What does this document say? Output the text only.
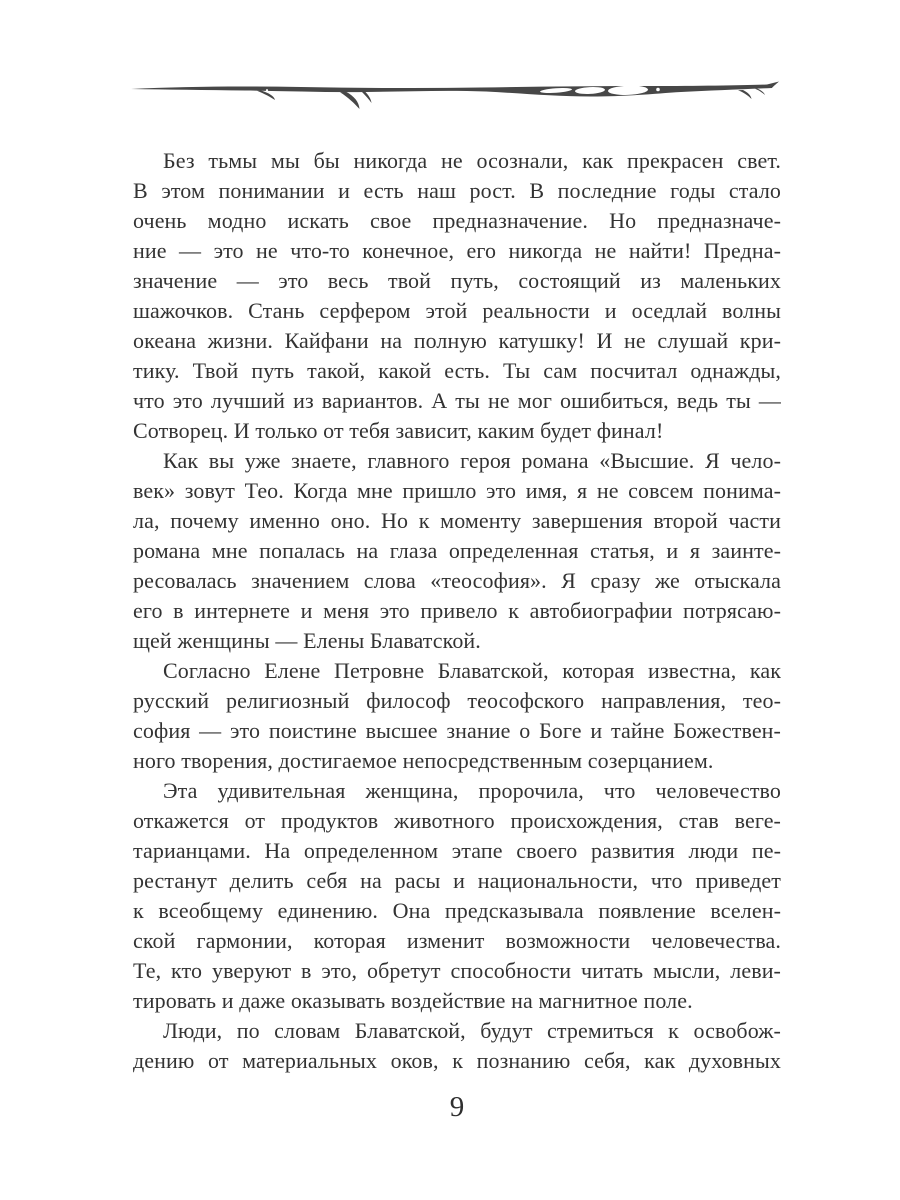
Без тьмы мы бы никогда не осознали, как прекрасен свет.
В этом понимании и есть наш рост. В последние годы стало
очень модно искать свое предназначение. Но предназначе-
ние — это не что-то конечное, его никогда не найти! Предна-
значение — это весь твой путь, состоящий из маленьких
шажочков. Стань серфером этой реальности и оседлай волны
океана жизни. Кайфани на полную катушку! И не слушай кри-
тику. Твой путь такой, какой есть. Ты сам посчитал однажды,
что это лучший из вариантов. А ты не мог ошибиться, ведь ты —
Сотворец. И только от тебя зависит, каким будет финал!
Как вы уже знаете, главного героя романа «Высшие. Я чело-
век» зовут Тео. Когда мне пришло это имя, я не совсем понима-
ла, почему именно оно. Но к моменту завершения второй части
романа мне попалась на глаза определенная статья, и я заинте-
ресовалась значением слова «теософия». Я сразу же отыскала
его в интернете и меня это привело к автобиографии потрясаю-
щей женщины — Елены Блаватской.
Согласно Елене Петровне Блаватской, которая известна, как
русский религиозный философ теософского направления, тео-
софия — это поистине высшее знание о Боге и тайне Божествен-
ного творения, достигаемое непосредственным созерцанием.
Эта удивительная женщина, пророчила, что человечество
откажется от продуктов животного происхождения, став веге-
тарианцами. На определенном этапе своего развития люди пе-
рестанут делить себя на расы и национальности, что приведет
к всеобщему единению. Она предсказывала появление вселен-
ской гармонии, которая изменит возможности человечества.
Те, кто уверуют в это, обретут способности читать мысли, леви-
тировать и даже оказывать воздействие на магнитное поле.
Люди, по словам Блаватской, будут стремиться к освобож-
дению от материальных оков, к познанию себя, как духовных
9
